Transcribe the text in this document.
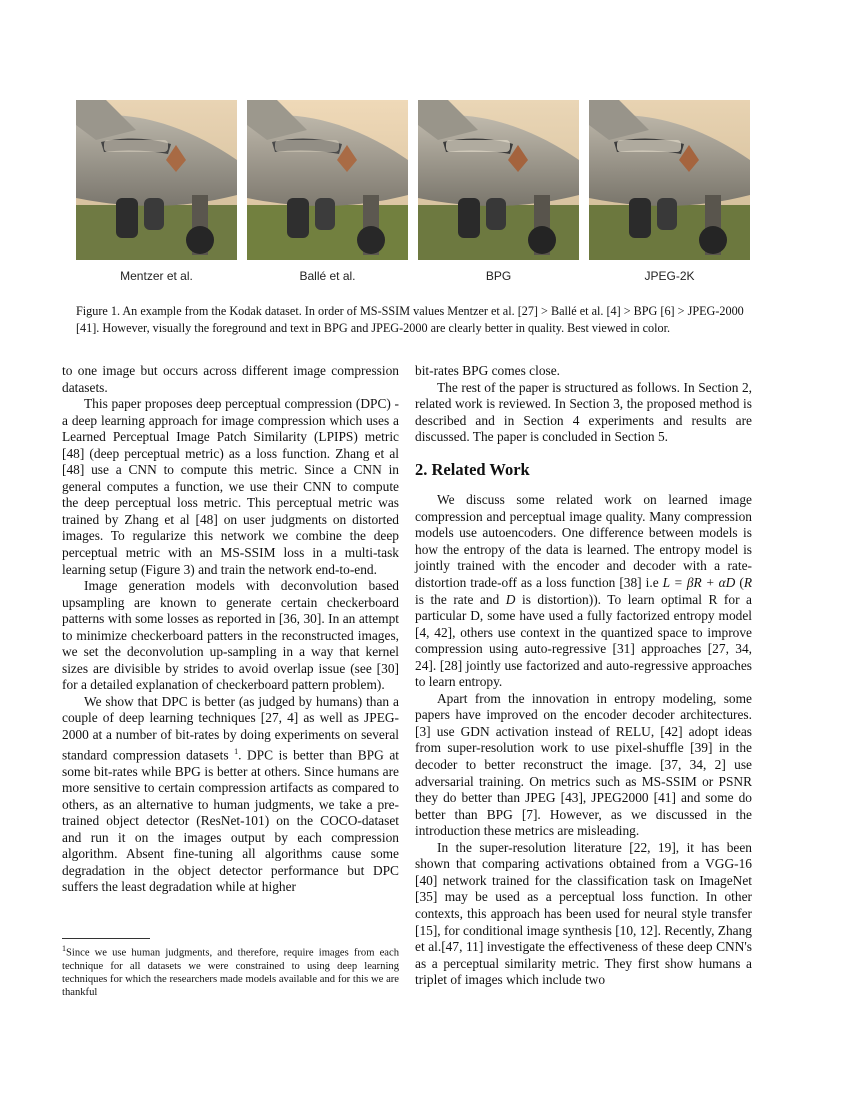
Mentzer et al.	Ballé et al.	BPG	JPEG-2K
Figure 1. An example from the Kodak dataset. In order of MS-SSIM values Mentzer et al. [27] > Ballé et al. [4] > BPG [6] > JPEG-2000 [41]. However, visually the foreground and text in BPG and JPEG-2000 are clearly better in quality. Best viewed in color.

to one image but occurs across different image compression datasets.

This paper proposes deep perceptual compression (DPC) - a deep learning approach for image compression which uses a Learned Perceptual Image Patch Similarity (LPIPS) metric [48] (deep perceptual metric) as a loss function. Zhang et al [48] use a CNN to compute this metric. Since a CNN in general computes a function, we use their CNN to compute the deep perceptual loss metric. This perceptual metric was trained by Zhang et al [48] on user judgments on distorted images. To regularize this network we combine the deep perceptual metric with an MS-SSIM loss in a multi-task learning setup (Figure 3) and train the network end-to-end.

Image generation models with deconvolution based upsampling are known to generate certain checkerboard patterns with some losses as reported in [36, 30]. In an attempt to minimize checkerboard patters in the reconstructed images, we set the deconvolution up-sampling in a way that kernel sizes are divisible by strides to avoid overlap issue (see [30] for a detailed explanation of checkerboard pattern problem).

We show that DPC is better (as judged by humans) than a couple of deep learning techniques [27, 4] as well as JPEG-2000 at a number of bit-rates by doing experiments on several standard compression datasets $^1$. DPC is better than BPG at some bit-rates while BPG is better at others. Since humans are more sensitive to certain compression artifacts as compared to others, as an alternative to human judgments, we take a pre-trained object detector (ResNet-101) on the COCO-dataset and run it on the images output by each compression algorithm. Absent fine-tuning all algorithms cause some degradation in the object detector performance but DPC suffers the least degradation while at higher

$^1$Since we use human judgments, and therefore, require images from each technique for all datasets we were constrained to using deep learning techniques for which the researchers made models available and for this we are thankful

bit-rates BPG comes close.

The rest of the paper is structured as follows. In Section 2, related work is reviewed. In Section 3, the proposed method is described and in Section 4 experiments and results are discussed. The paper is concluded in Section 5.

2. Related Work

We discuss some related work on learned image compression and perceptual image quality. Many compression models use autoencoders. One difference between models is how the entropy of the data is learned. The entropy model is jointly trained with the encoder and decoder with a rate-distortion trade-off as a loss function [38] i.e L = βR + αD (R is the rate and D is distortion)). To learn optimal R for a particular D, some have used a fully factorized entropy model [4, 42], others use context in the quantized space to improve compression using auto-regressive [31] approaches [27, 34, 24]. [28] jointly use factorized and auto-regressive approaches to learn entropy.

Apart from the innovation in entropy modeling, some papers have improved on the encoder decoder architectures. [3] use GDN activation instead of RELU, [42] adopt ideas from super-resolution work to use pixel-shuffle [39] in the decoder to better reconstruct the image. [37, 34, 2] use adversarial training. On metrics such as MS-SSIM or PSNR they do better than JPEG [43], JPEG2000 [41] and some do better than BPG [7]. However, as we discussed in the introduction these metrics are misleading.

In the super-resolution literature [22, 19], it has been shown that comparing activations obtained from a VGG-16 [40] network trained for the classification task on ImageNet [35] may be used as a perceptual loss function. In other contexts, this approach has been used for neural style transfer [15], for conditional image synthesis [10, 12]. Recently, Zhang et al.[47, 11] investigate the effectiveness of these deep CNN's as a perceptual similarity metric. They first show humans a triplet of images which include two
